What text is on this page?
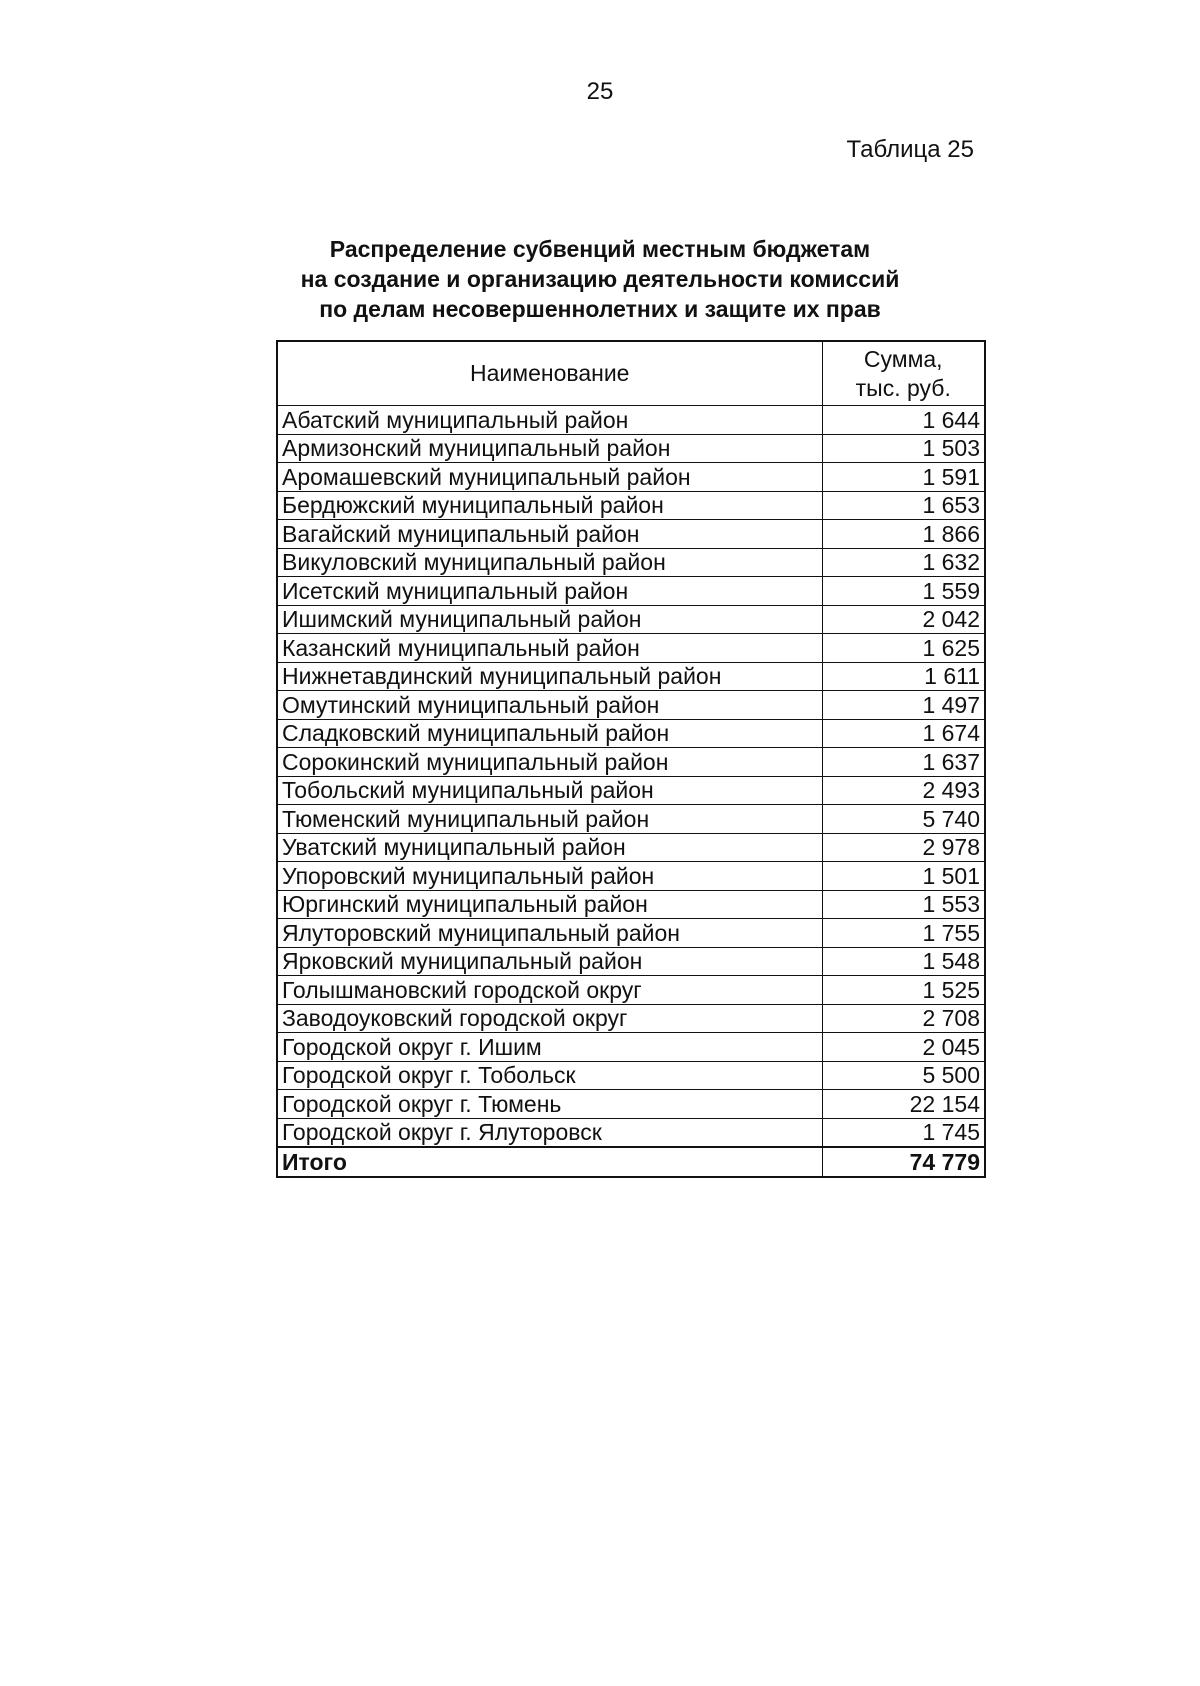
25
Таблица 25
Распределение субвенций местным бюджетам
на создание и организацию деятельности комиссий
по делам несовершеннолетних и защите их прав
Наименование	Сумма,
тыс. руб.

Абатский муниципальный район	1 644
Армизонский муниципальный район	1 503
Аромашевский муниципальный район	1 591
Бердюжский муниципальный район	1 653
Вагайский муниципальный район	1 866
Викуловский муниципальный район	1 632
Исетский муниципальный район	1 559
Ишимский муниципальный район	2 042
Казанский муниципальный район	1 625
Нижнетавдинский муниципальный район	1 611
Омутинский муниципальный район	1 497
Сладковский муниципальный район	1 674
Сорокинский муниципальный район	1 637
Тобольский муниципальный район	2 493
Тюменский муниципальный район	5 740
Уватский муниципальный район	2 978
Упоровский муниципальный район	1 501
Юргинский муниципальный район	1 553
Ялуторовский муниципальный район	1 755
Ярковский муниципальный район	1 548
Голышмановский городской округ	1 525
Заводоуковский городской округ	2 708
Городской округ г. Ишим	2 045
Городской округ г. Тобольск	5 500
Городской округ г. Тюмень	22 154
Городской округ г. Ялуторовск	1 745
Итого	74 779
